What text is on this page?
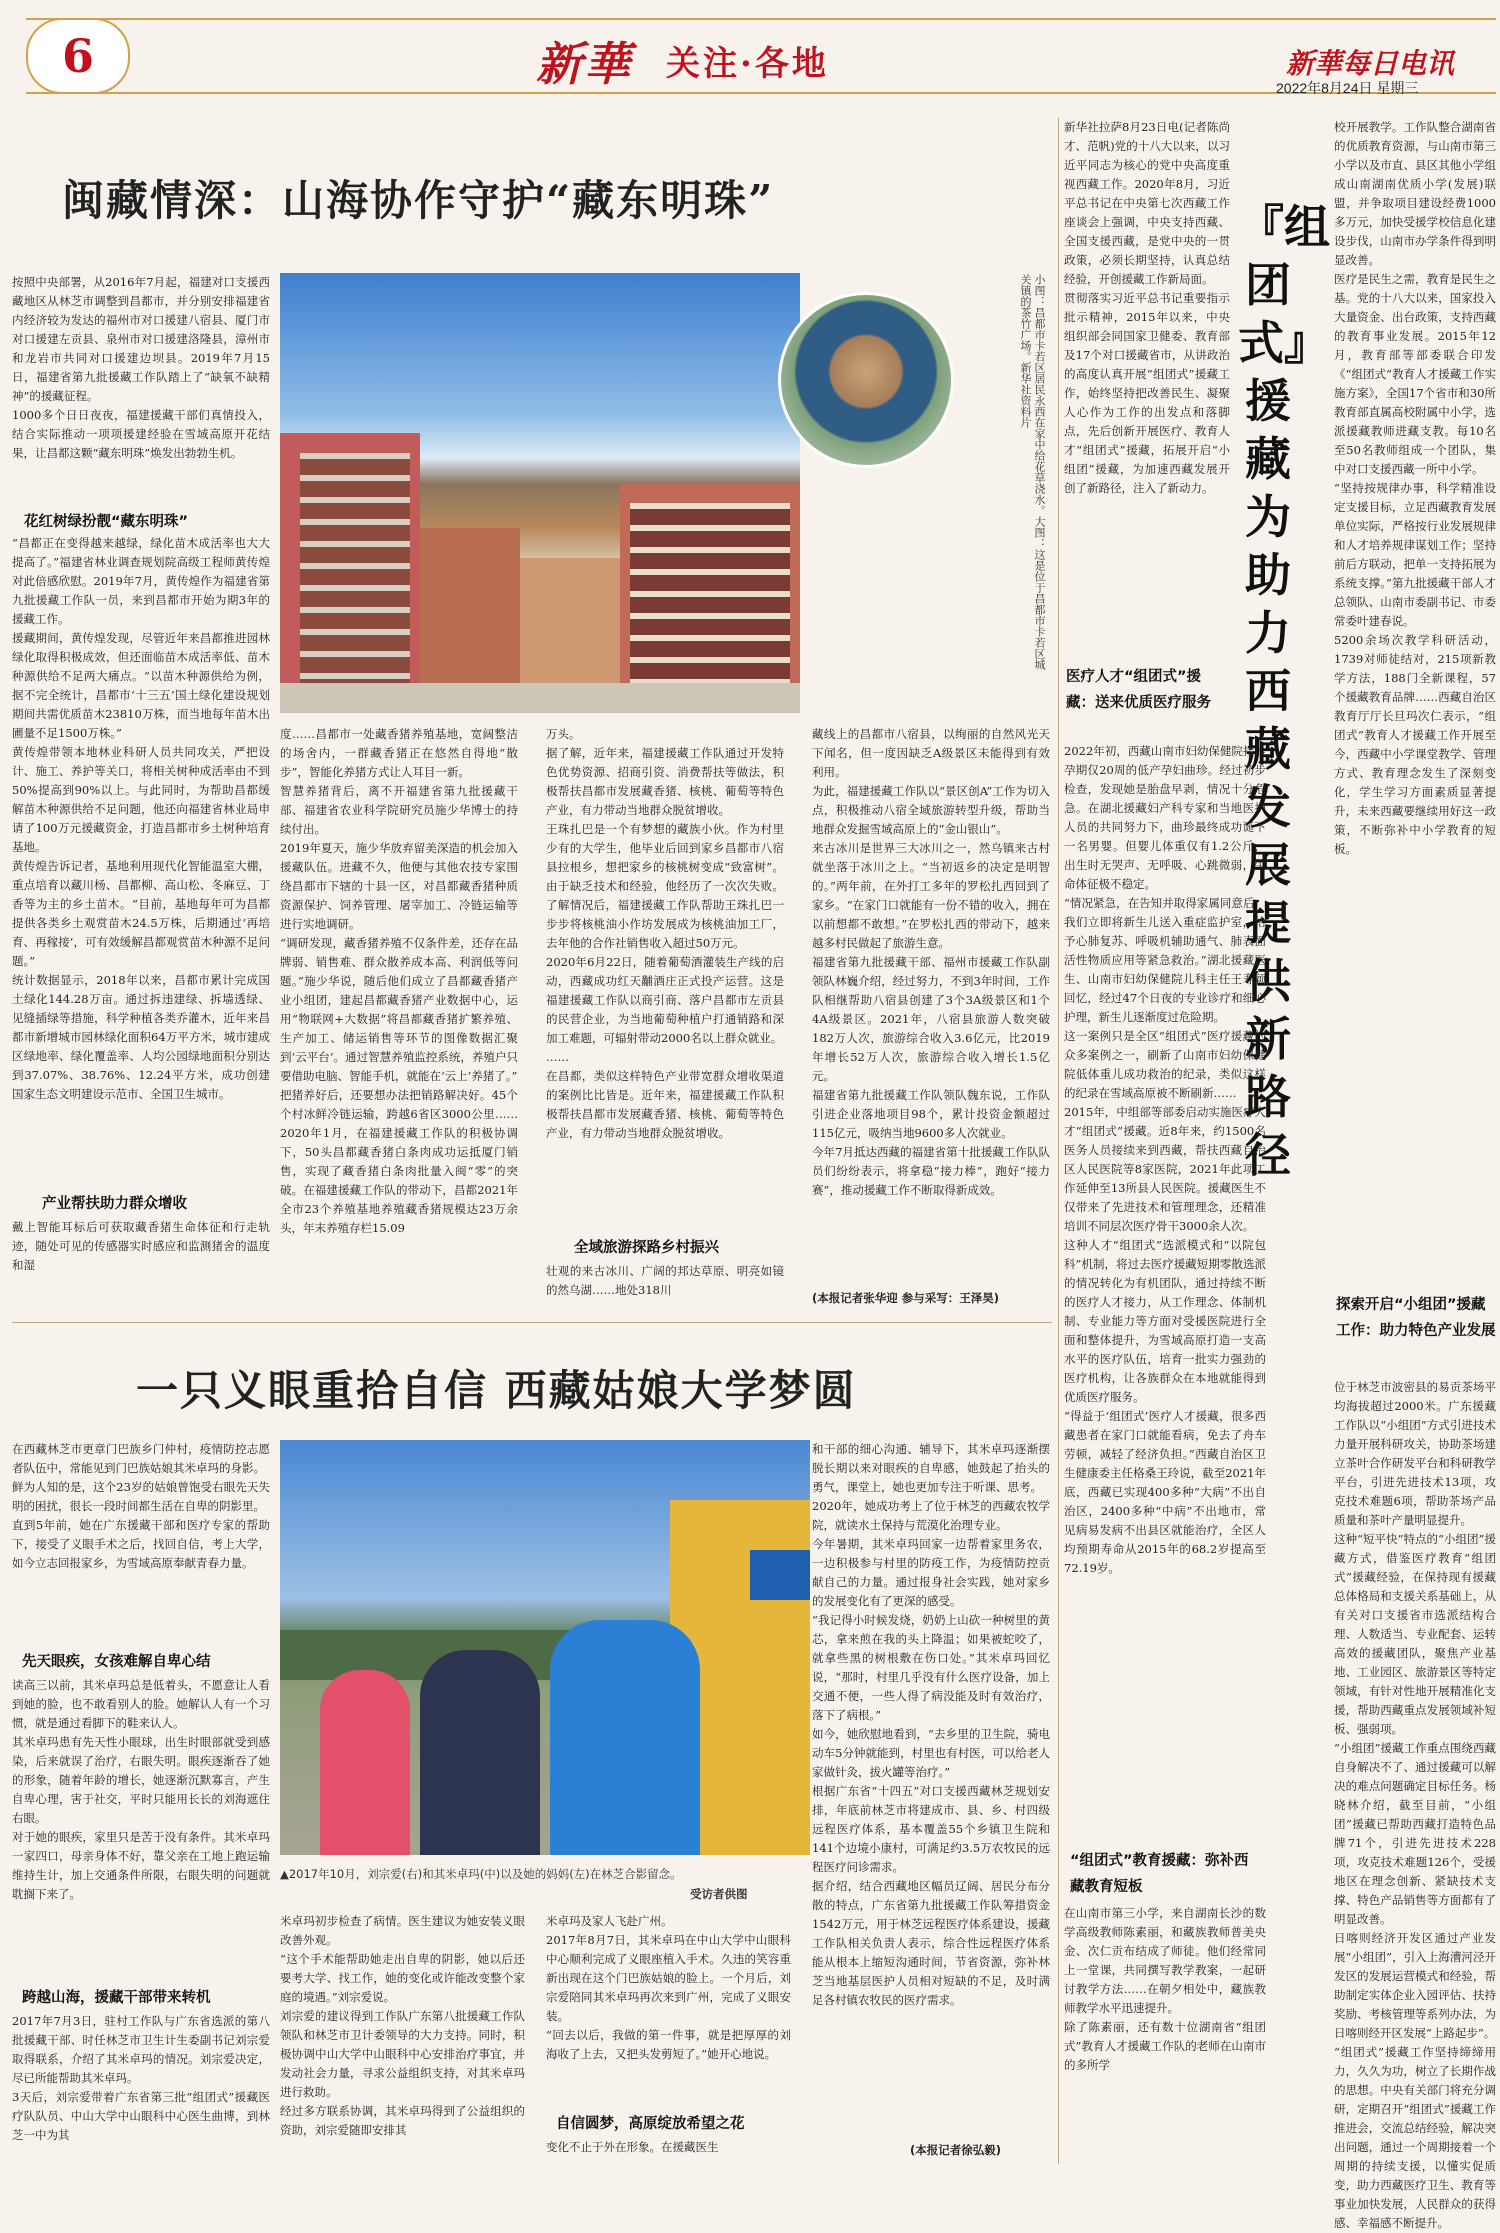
6	新華 关注·各地	新華每日电讯
2022年8月24日 星期三
闽藏情深：山海协作守护“藏东明珠”
按照中央部署，从2016年7月起，福建对口支援西藏地区从林芝市调整到昌都市，并分别安排福建省内经济较为发达的福州市对口援建八宿县、厦门市对口援建左贡县、泉州市对口援建洛隆县，漳州市和龙岩市共同对口援建边坝县。2019年7月15日，福建省第九批援藏工作队踏上了“缺氧不缺精神”的援藏征程。
1000多个日日夜夜，福建援藏干部们真情投入，结合实际推动一项项援建经验在雪域高原开花结果，让昌都这颗“藏东明珠”焕发出勃勃生机。
花红树绿扮靓“藏东明珠”
“昌都正在变得越来越绿，绿化苗木成活率也大大提高了。”福建省林业调查规划院高级工程师黄传煌对此倍感欣慰。2019年7月，黄传煌作为福建省第九批援藏工作队一员，来到昌都市开始为期3年的援藏工作。
援藏期间，黄传煌发现，尽管近年来昌都推进园林绿化取得积极成效，但还面临苗木成活率低、苗木种源供给不足两大痛点。“以苗木种源供给为例，据不完全统计，昌都市‘十三五’国土绿化建设规划期间共需优质苗木23810万株，而当地每年苗木出圃量不足1500万株。”
黄传煌带领本地林业科研人员共同攻关，严把设计、施工、养护等关口，将相关树种成活率由不到50%提高到90%以上。与此同时，为帮助昌都缓解苗木种源供给不足问题，他还向福建省林业局申请了100万元援藏资金，打造昌都市乡土树种培育基地。
黄传煌告诉记者，基地利用现代化智能温室大棚，重点培育以藏川杨、昌都柳、高山松、冬麻豆、丁香等为主的乡土苗木。“目前，基地每年可为昌都提供各类乡土观赏苗木24.5万株，后期通过‘再培育、再稼接’，可有效缓解昌都观赏苗木种源不足问题。”
统计数据显示，2018年以来，昌都市累计完成国土绿化144.28万亩。通过拆违建绿、拆墙透绿、见缝插绿等措施，科学种植各类乔灌木，近年来昌都市新增城市园林绿化面积64万平方米，城市建成区绿地率、绿化覆盖率、人均公园绿地面积分别达到37.07%、38.76%、12.24平方米，成功创建国家生态文明建设示范市、全国卫生城市。
产业帮扶助力群众增收
戴上智能耳标后可获取藏香猪生命体征和行走轨迹，随处可见的传感器实时感应和监测猪舍的温度和湿
小图：昌都市卡若区居民永西在家中给花草浇水。大图：这是位于昌都市卡若区城关镇的茶竹广场。新华社资料片
度……昌都市一处藏香猪养殖基地，宽阔整洁的场舍内，一群藏香猪正在悠然自得地“散步”，智能化养猪方式让人耳目一新。
智慧养猪背后，离不开福建省第九批援藏干部、福建省农业科学院研究员施少华博士的持续付出。
2019年夏天，施少华放弃留美深造的机会加入援藏队伍。进藏不久，他便与其他农技专家围绕昌都市下辖的十县一区，对昌都藏香猪种质资源保护、饲养管理、屠宰加工、冷链运输等进行实地调研。
“调研发现，藏香猪养殖不仅条件差，还存在品牌弱、销售难、群众散养成本高、利润低等问题。”施少华说，随后他们成立了昌都藏香猪产业小组团，建起昌都藏香猪产业数据中心，运用“物联网+大数据”将昌都藏香猪扩繁养殖、生产加工、储运销售等环节的图像数据汇聚到‘云平台’。通过智慧养殖监控系统，养殖户只要借助电脑、智能手机，就能在‘云上’养猪了。”
把猪养好后，还要想办法把销路解决好。45个个村冰鲜冷链运输，跨越6省区3000公里……2020年1月，在福建援藏工作队的积极协调下，50头昌都藏香猪白条肉成功运抵厦门销售，实现了藏香猪白条肉批量入闽“零”的突破。在福建援藏工作队的带动下，昌都2021年全市23个养殖基地养殖藏香猪规模达23万余头，年末养殖存栏15.09
万头。
据了解，近年来，福建援藏工作队通过开发特色优势资源、招商引资、消费帮扶等做法，积极帮扶昌都市发展藏香猪、核桃、葡萄等特色产业，有力带动当地群众脱贫增收。
王珠扎巴是一个有梦想的藏族小伙。作为村里少有的大学生，他毕业后回到家乡昌都市八宿县拉根乡，想把家乡的核桃树变成“致富树”。由于缺乏技术和经验，他经历了一次次失败。了解情况后，福建援藏工作队帮助王珠扎巴一步步将核桃油小作坊发展成为核桃油加工厂，去年他的合作社销售收入超过50万元。
2020年6月22日，随着葡萄酒灌装生产线的启动，西藏成功红天黼酒庄正式投产运营。这是福建援藏工作队以商引商、落户昌都市左贡县的民营企业，为当地葡萄种植户打通销路和深加工难题，可辐射带动2000名以上群众就业。
……
在昌都，类似这样特色产业带宽群众增收渠道的案例比比皆是。近年来，福建援藏工作队积极帮扶昌都市发展藏香猪、核桃、葡萄等特色产业，有力带动当地群众脱贫增收。
全域旅游探路乡村振兴
壮观的来古冰川、广阔的邦达草原、明亮如镜的然乌湖……地处318川
藏线上的昌都市八宿县，以绚丽的自然风光天下闻名，但一度因缺乏A级景区未能得到有效利用。
为此，福建援藏工作队以“景区创A”工作为切入点，积极推动八宿全域旅游转型升级，帮助当地群众发掘雪域高原上的“金山银山”。
来古冰川是世界三大冰川之一，然乌镇来古村就坐落于冰川之上。“当初返乡的决定是明智的。”两年前，在外打工多年的罗松扎西回到了家乡。“在家门口就能有一份不错的收入，拥在以前想都不敢想。”在罗松扎西的带动下，越来越多村民做起了旅游生意。
福建省第九批援藏干部、福州市援藏工作队副领队林巍介绍，经过努力，不到3年时间，工作队相继帮助八宿县创建了3个3A级景区和1个4A级景区。2021年，八宿县旅游人数突破182万人次，旅游综合收入3.6亿元，比2019年增长52万人次，旅游综合收入增长1.5亿元。
福建省第九批援藏工作队领队魏东说，工作队引进企业落地项目98个，累计投资金额超过115亿元，吸纳当地9600多人次就业。
今年7月抵达西藏的福建省第十批援藏工作队队员们纷纷表示，将拿稳“接力棒”，跑好“接力赛”，推动援藏工作不断取得新成效。
(本报记者张华迎 参与采写：王泽昊)
一只义眼重拾自信 西藏姑娘大学梦圆
在西藏林芝市更章门巴族乡门仲村，疫情防控志愿者队伍中，常能见到门巴族姑娘其米卓玛的身影。
鲜为人知的是，这个23岁的姑娘曾饱受右眼先天失明的困扰，很长一段时间都生活在自卑的阴影里。
直到5年前，她在广东援藏干部和医疗专家的帮助下，接受了义眼手术之后，找回自信，考上大学，如今立志回报家乡，为雪域高原奉献青春力量。
先天眼疾，女孩难解自卑心结
读高三以前，其米卓玛总是低着头，不愿意让人看到她的脸，也不敢看别人的脸。她解认人有一个习惯，就是通过看脚下的鞋来认人。
其米卓玛患有先天性小眼球，出生时眼部就受到感染，后来就误了治疗，右眼失明。眼疾逐渐吞了她的形象，随着年龄的增长，她逐渐沉默寡言，产生自卑心理，害于社交，平时只能用长长的刘海遮住右眼。
对于她的眼疾，家里只是苦于没有条件。其米卓玛一家四口，母亲身体不好，靠父亲在工地上跑运输维持生计，加上交通条件所限，右眼失明的问题就耽搁下来了。
跨越山海，援藏干部带来转机
2017年7月3日，驻村工作队与广东省选派的第八批援藏干部、时任林芝市卫生计生委副书记刘宗爱取得联系，介绍了其米卓玛的情况。刘宗爱决定，尽已所能帮助其米卓玛。
3天后，刘宗爱带着广东省第三批“组团式”援藏医疗队队员、中山大学中山眼科中心医生曲博，到林芝一中为其
▲2017年10月，刘宗爱(右)和其米卓玛(中)以及她的妈妈(左)在林芝合影留念。
受访者供图
米卓玛初步检查了病情。医生建议为她安装义眼改善外观。
“这个手术能帮助她走出自卑的阴影，她以后还要考大学、找工作，她的变化或许能改变整个家庭的境遇。”刘宗爱说。
刘宗爱的建议得到工作队广东第八批援藏工作队领队和林芝市卫计委领导的大力支持。同时，积极协调中山大学中山眼科中心安排治疗事宜，并发动社会力量，寻求公益组织支持，对其米卓玛进行救助。
经过多方联系协调，其米卓玛得到了公益组织的资助，刘宗爱随即安排其
米卓玛及家人飞赴广州。
2017年8月7日，其米卓玛在中山大学中山眼科中心顺利完成了义眼座植入手术。久违的笑容重新出现在这个门巴族姑娘的脸上。一个月后，刘宗爱陪同其米卓玛再次来到广州，完成了义眼安装。
“回去以后，我做的第一件事，就是把厚厚的刘海收了上去，又把头发剪短了。”她开心地说。
自信圆梦，高原绽放希望之花
变化不止于外在形象。在援藏医生
和干部的细心沟通、辅导下，其米卓玛逐渐摆脱长期以来对眼疾的自卑感，她鼓起了抬头的勇气，课堂上，她也更加专注于听课、思考。
2020年，她成功考上了位于林芝的西藏农牧学院，就读水土保持与荒漠化治理专业。
今年暑期，其米卓玛回家一边帮着家里务农，一边积极参与村里的防疫工作，为疫情防控贡献自己的力量。通过报身社会实践，她对家乡的发展变化有了更深的感受。
“我记得小时候发烧，奶奶上山砍一种树里的黄芯，拿来煎在我的头上降温；如果被蛇咬了，就拿些黑的树根敷在伤口处。”其米卓玛回忆说，“那时，村里几乎没有什么医疗设备，加上交通不便，一些人得了病没能及时有效治疗，落下了病根。”
如今，她欣慰地看到，“去乡里的卫生院，骑电动车5分钟就能到，村里也有村医，可以给老人家做针灸，拔火罐等治疗。”
根据广东省“十四五”对口支援西藏林芝规划安排，年底前林芝市将建成市、县、乡、村四级远程医疗体系，基本覆盖55个乡镇卫生院和141个边境小康村，可满足约3.5万农牧民的远程医疗问诊需求。
据介绍，结合西藏地区幅员辽阔、居民分布分散的特点，广东省第九批援藏工作队筹措资金1542万元，用于林芝远程医疗体系建设，援藏工作队相关负责人表示，综合性远程医疗体系能从根本上缩短沟通时间，节省资源，弥补林芝当地基层医护人员相对短缺的不足，及时满足各村镇农牧民的医疗需求。
(本报记者徐弘毅)
新华社拉萨8月23日电(记者陈尚才、范帆)党的十八大以来，以习近平同志为核心的党中央高度重视西藏工作。2020年8月，习近平总书记在中央第七次西藏工作座谈会上强调，中央支持西藏、全国支援西藏，是党中央的一贯政策，必须长期坚持，认真总结经验，开创援藏工作新局面。
贯彻落实习近平总书记重要指示批示精神，2015年以来，中央组织部会同国家卫健委、教育部及17个对口援藏省市，从讲政治的高度认真开展“组团式”援藏工作，始终坚持把改善民生、凝聚人心作为工作的出发点和落脚点，先后创新开展医疗、教育人才“组团式”援藏，拓展开启“小组团”援藏，为加速西藏发展开创了新路径，注入了新动力。
『组团式』援藏为助力西藏发展提供新路径
医疗人才“组团式”援藏：送来优质医疗服务
2022年初，西藏山南市妇幼保健院接诊孕期仅20周的低产孕妇曲珍。经过初步检查，发现她是胎盘早剥，情况十分危急。在湖北援藏妇产科专家和当地医护人员的共同努力下，曲珍最终成功诞下一名男婴。但婴儿体重仅有1.2公斤，出生时无哭声、无呼吸、心跳微弱，生命体征极不稳定。
“情况紧急，在告知并取得家属同意后，我们立即将新生儿送入重症监护室，给予心肺复苏、呼吸机辅助通气、肺表面活性物质应用等紧急救治。”湖北援藏医生、山南市妇幼保健院儿科主任王寿颖回忆，经过47个日夜的专业诊疗和细心护理，新生儿逐渐度过危险期。
这一案例只是全区“组团式”医疗援藏的众多案例之一，刷新了山南市妇幼保健院低体重儿成功救治的纪录，类似这样的纪录在雪域高原被不断刷新……
2015年，中组部等部委启动实施医疗人才“组团式”援藏。近8年来，约1500名医务人员接续来到西藏，帮扶西藏自治区人民医院等8家医院，2021年此项工作延伸至13所县人民医院。援藏医生不仅带来了先进技术和管理理念，还精准培训不同层次医疗骨干3000余人次。
这种人才“组团式”选派模式和“以院包科”机制，将过去医疗援藏短期零散选派的情况转化为有机团队，通过持续不断的医疗人才接力，从工作理念、体制机制、专业能力等方面对受援医院进行全面和整体提升，为雪域高原打造一支高水平的医疗队伍，培育一批实力强劲的医疗机构，让各族群众在本地就能得到优质医疗服务。
“得益于‘组团式’医疗人才援藏，很多西藏患者在家门口就能看病，免去了舟车劳顿，减轻了经济负担。”西藏自治区卫生健康委主任格桑王玲说，截至2021年底，西藏已实现400多种“大病”不出自治区，2400多种“中病”不出地市，常见病易发病不出县区就能治疗，全区人均预期寿命从2015年的68.2岁提高至72.19岁。
“组团式”教育援藏：弥补西藏教育短板
在山南市第三小学，来自湖南长沙的数学高级教师陈素丽，和藏族教师普美央金、次仁贡布结成了师徒。他们经常同上一堂课，共同撰写教学教案，一起研讨教学方法……在朝夕相处中，藏族教师教学水平迅速提升。
除了陈素丽，还有数十位湖南省“组团式”教育人才援藏工作队的老师在山南市的多所学
校开展教学。工作队整合湖南省的优质教育资源，与山南市第三小学以及市直、县区其他小学组成山南湖南优质小学(发展)联盟，并争取项目建设经费1000多万元，加快受援学校信息化建设步伐，山南市办学条件得到明显改善。
医疗是民生之需，教育是民生之基。党的十八大以来，国家投入大量资金、出台政策，支持西藏的教育事业发展。2015年12月，教育部等部委联合印发《“组团式”教育人才援藏工作实施方案》，全国17个省市和30所教育部直属高校附属中小学，选派援藏教师进藏支教。每10名至50名教师组成一个团队，集中对口支援西藏一所中小学。
“坚持按规律办事，科学精准设定支援目标，立足西藏教育发展单位实际，严格按行业发展规律和人才培养规律谋划工作；坚持前后方联动，把单一支持拓展为系统支撑。”第九批援藏干部人才总领队、山南市委副书记、市委常委叶建春说。
5200余场次教学科研活动，1739对师徒结对，215项新教学方法，188门全新课程，57个援藏教育品牌……西藏自治区教育厅厅长旦玛次仁表示，“组团式”教育人才援藏工作开展至今，西藏中小学课堂教学、管理方式、教育理念发生了深刻变化，学生学习方面素质显著提升，未来西藏要继续用好这一政策，不断弥补中小学教育的短板。
探索开启“小组团”援藏工作：助力特色产业发展
位于林芝市波密县的易贡茶场平均海拔超过2000米。广东援藏工作队以“小组团”方式引进技术力量开展科研攻关，协助茶场建立茶叶合作研发平台和科研教学平台，引进先进技术13项，攻克技术难题6项，帮助茶场产品质量和茶叶产量明显提升。
这种“短平快”特点的“小组团”援藏方式，借鉴医疗教育“组团式”援藏经验，在保持现有援藏总体格局和支援关系基础上，从有关对口支援省市选派结构合理、人数适当、专业配套、运转高效的援藏团队，聚焦产业基地、工业园区、旅游景区等特定领域，有针对性地开展精准化支援，帮助西藏重点发展领域补短板、强弱项。
“小组团”援藏工作重点围绕西藏自身解决不了、通过援藏可以解决的难点问题确定目标任务。杨晓林介绍，截至目前，“小组团”援藏已帮助西藏打造特色品牌71个，引进先进技术228项，攻克技术难题126个，受援地区在理念创新、紧缺技术支撑、特色产品销售等方面都有了明显改善。
日喀则经济开发区通过产业发展“小组团”，引入上海漕河泾开发区的发展运营模式和经验，帮助制定实体企业入园评估、扶持奖励、考核管理等系列办法，为日喀则经开区发展“上路起步”。
“组团式”援藏工作坚持缔缔用力，久久为功，树立了长期作战的思想。中央有关部门将充分调研，定期召开“组团式”援藏工作推进会，交流总结经验，解决突出问题，通过一个周期接着一个周期的持续支援，以懂实促质变，助力西藏医疗卫生、教育等事业加快发展，人民群众的获得感、幸福感不断提升。
